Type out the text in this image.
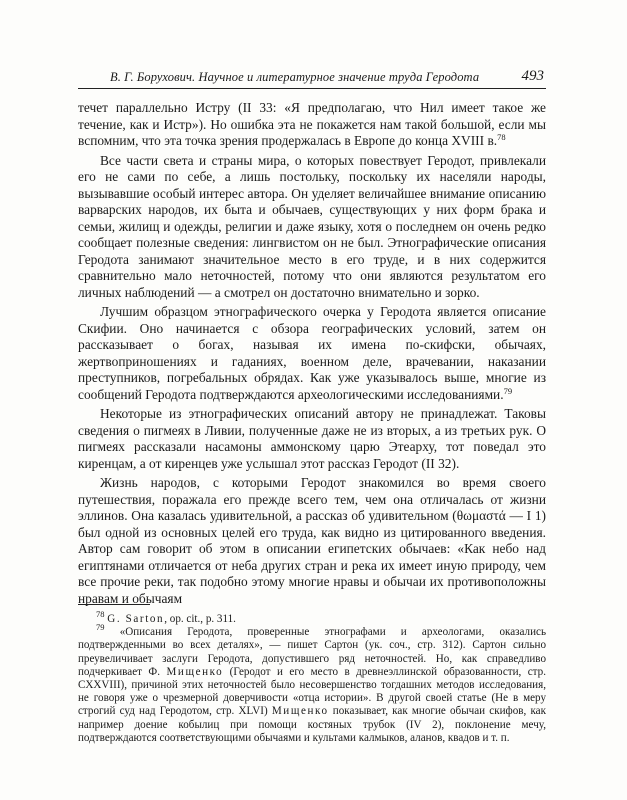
В. Г. Борухович. Научное и литературное значение труда Геродота	493

течет параллельно Истру (II 33: «Я предполагаю, что Нил имеет такое же течение, как и Истр»). Но ошибка эта не покажется нам такой большой, если мы вспомним, что эта точка зрения продержалась в Европе до конца XVIII в.$^{78}$

Все части света и страны мира, о которых повествует Геродот, привлекали его не сами по себе, а лишь постольку, поскольку их населяли народы, вызывавшие особый интерес автора. Он уделяет величайшее внимание описанию варварских народов, их быта и обычаев, существующих у них форм брака и семьи, жилищ и одежды, религии и даже языку, хотя о последнем он очень редко сообщает полезные сведения: лингвистом он не был. Этнографические описания Геродота занимают значительное место в его труде, и в них содержится сравнительно мало неточностей, потому что они являются результатом его личных наблюдений — а смотрел он достаточно внимательно и зорко.

Лучшим образцом этнографического очерка у Геродота является описание Скифии. Оно начинается с обзора географических условий, затем он рассказывает о богах, называя их имена по-скифски, обычаях, жертвоприношениях и гаданиях, военном деле, врачевании, наказании преступников, погребальных обрядах. Как уже указывалось выше, многие из сообщений Геродота подтверждаются археологическими исследованиями.$^{79}$

Некоторые из этнографических описаний автору не принадлежат. Таковы сведения о пигмеях в Ливии, полученные даже не из вторых, а из третьих рук. О пигмеях рассказали насамоны аммонскому царю Этеарху, тот поведал это киренцам, а от киренцев уже услышал этот рассказ Геродот (II 32).

Жизнь народов, с которыми Геродот знакомился во время своего путешествия, поражала его прежде всего тем, чем она отличалась от жизни эллинов. Она казалась удивительной, а рассказ об удивительном (θωμαστά — I 1) был одной из основных целей его труда, как видно из цитированного введения. Автор сам говорит об этом в описании египетских обычаев: «Как небо над египтянами отличается от неба других стран и река их имеет иную природу, чем все прочие реки, так подобно этому многие нравы и обычаи их противоположны нравам и обычаям

$^{78}$ G. Sarton, op. cit., p. 311.

$^{79}$ «Описания Геродота, проверенные этнографами и археологами, оказались подтвержденными во всех деталях», — пишет Сартон (ук. соч., стр. 312). Сартон сильно преувеличивает заслуги Геродота, допустившего ряд неточностей. Но, как справедливо подчеркивает Ф. Мищенко (Геродот и его место в древнеэллинской образованности, стр. CXXVIII), причиной этих неточностей было несовершенство тогдашних методов исследования, не говоря уже о чрезмерной доверчивости «отца истории». В другой своей статье (Не в меру строгий суд над Геродотом, стр. XLVI) Мищенко показывает, как многие обычаи скифов, как например доение кобылиц при помощи костяных трубок (IV 2), поклонение мечу, подтверждаются соответствующими обычаями и культами калмыков, аланов, квадов и т. п.
